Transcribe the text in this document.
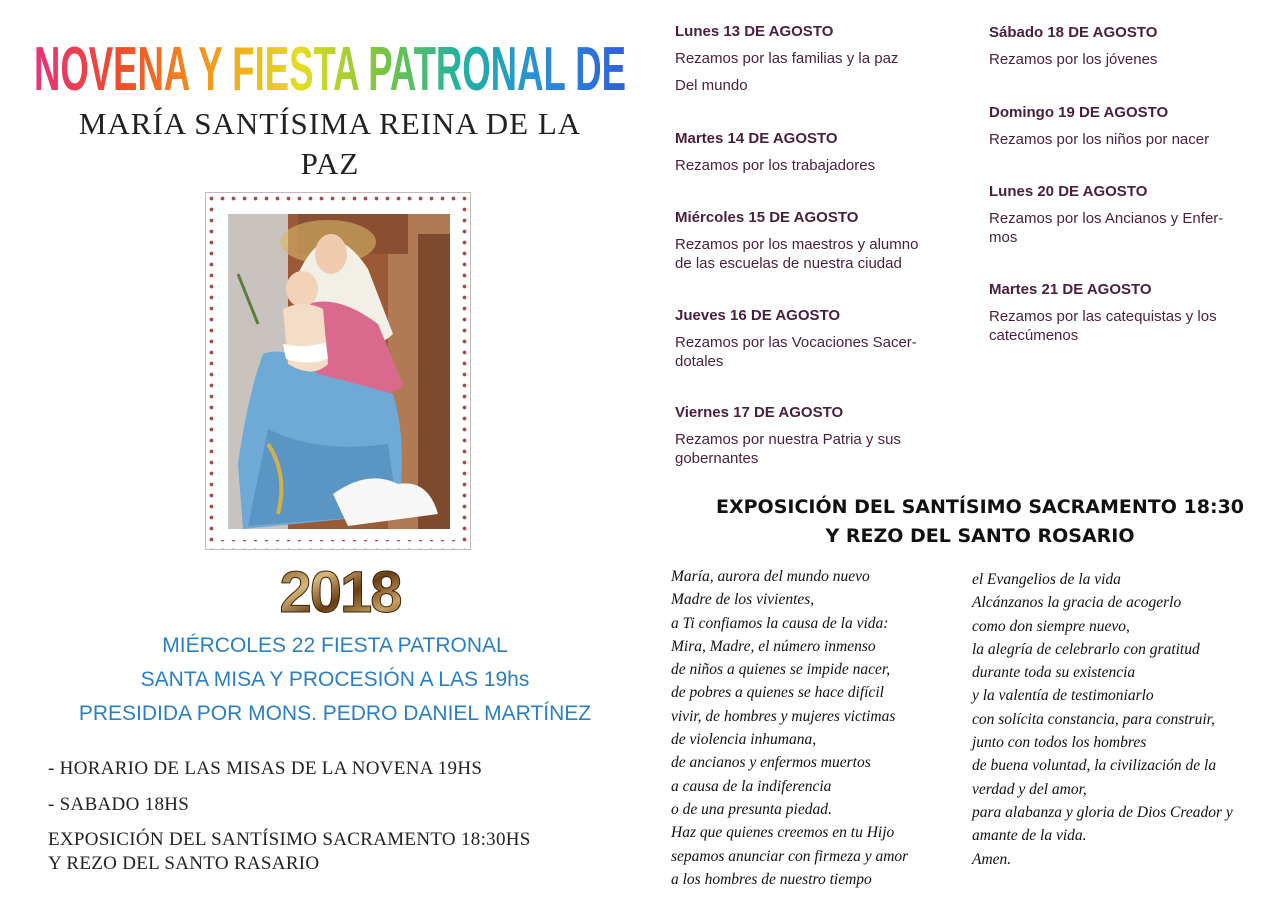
NOVENA Y FIESTA PATRONAL DE
MARÍA SANTÍSIMA REINA DE LA
PAZ
2018
MIÉRCOLES 22 FIESTA PATRONAL
SANTA MISA Y PROCESIÓN A LAS 19hs
PRESIDIDA POR MONS. PEDRO DANIEL MARTÍNEZ
- HORARIO DE LAS MISAS DE LA NOVENA 19HS
- SABADO 18HS
EXPOSICIÓN DEL SANTÍSIMO SACRAMENTO 18:30HS
Y REZO DEL SANTO RASARIO
Lunes 13 DE AGOSTO
Rezamos por las familias y la paz
Del mundo
Martes 14 DE AGOSTO
Rezamos por los trabajadores
Miércoles 15 DE AGOSTO
Rezamos por los maestros y alumno
de las escuelas de nuestra ciudad
Jueves 16 DE AGOSTO
Rezamos por las Vocaciones Sacer-
dotales
Viernes 17 DE AGOSTO
Rezamos por nuestra Patria y sus
gobernantes
Sábado 18 DE AGOSTO
Rezamos por los jóvenes
Domingo 19 DE AGOSTO
Rezamos por los niños por nacer
Lunes 20 DE AGOSTO
Rezamos por los Ancianos y Enfer-
mos
Martes 21 DE AGOSTO
Rezamos por las catequistas y los
catecúmenos
EXPOSICIÓN DEL SANTÍSIMO SACRAMENTO 18:30
Y REZO DEL SANTO ROSARIO
María, aurora del mundo nuevo
Madre de los vivientes,
a Ti confiamos la causa de la vida:
Mira, Madre, el número inmenso
de niños a quienes se impide nacer,
de pobres a quienes se hace difícil
vivir, de hombres y mujeres victimas
de violencia inhumana,
de ancianos y enfermos muertos
a causa de la indiferencia
o de una presunta piedad.
Haz que quienes creemos en tu Hijo
sepamos anunciar con firmeza y amor
a los hombres de nuestro tiempo
el Evangelios de la vida
Alcánzanos la gracia de acogerlo
como don siempre nuevo,
la alegría de celebrarlo con gratitud
durante toda su existencia
y la valentía de testimoniarlo
con solícita constancia, para construir,
junto con todos los hombres
de buena voluntad, la civilización de la
verdad y del amor,
para alabanza y gloria de Dios Creador y
amante de la vida.
Amen.
